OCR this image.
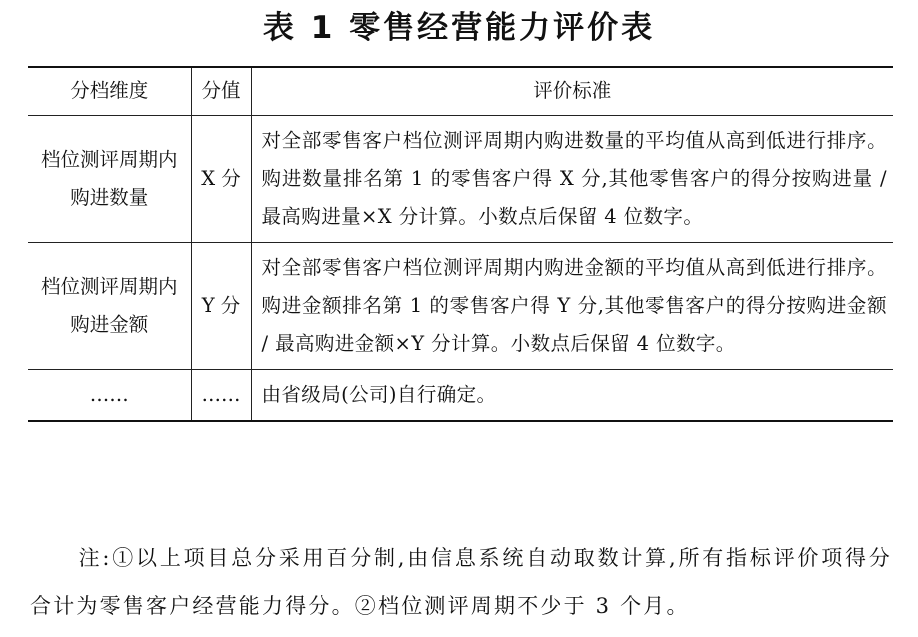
表 1 零售经营能力评价表
分档维度	分值	评价标准
档位测评周期内购进数量	X 分	对全部零售客户档位测评周期内购进数量的平均值从高到低进行排序。购进数量排名第 1 的零售客户得 X 分,其他零售客户的得分按购进量 / 最高购进量×X 分计算。小数点后保留 4 位数字。
档位测评周期内购进金额	Y 分	对全部零售客户档位测评周期内购进金额的平均值从高到低进行排序。购进金额排名第 1 的零售客户得 Y 分,其他零售客户的得分按购进金额 / 最高购进金额×Y 分计算。小数点后保留 4 位数字。
……	……	由省级局(公司)自行确定。
注:①以上项目总分采用百分制,由信息系统自动取数计算,所有指标评价项得分合计为零售客户经营能力得分。②档位测评周期不少于 3 个月。
